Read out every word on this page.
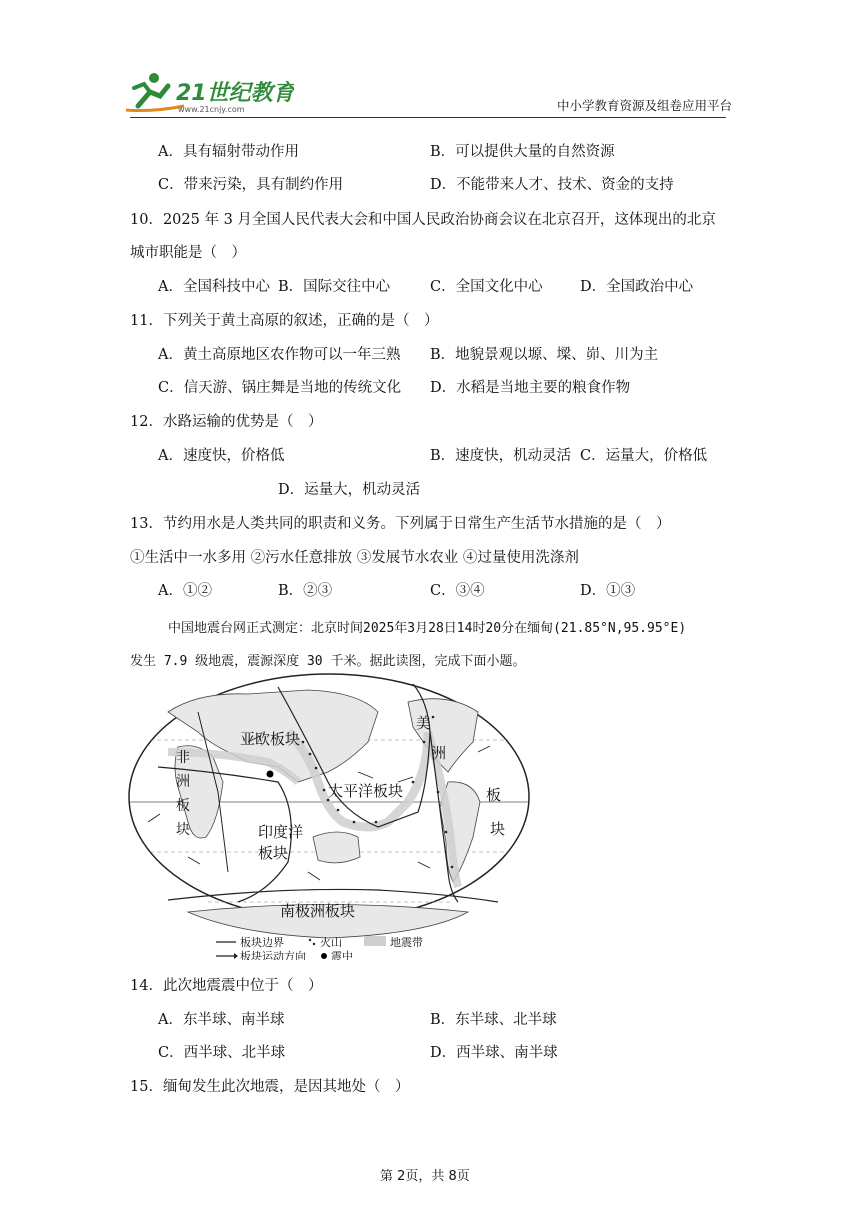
21世纪教育
www.21cnjy.com	中小学教育资源及组卷应用平台
A．具有辐射带动作用	B．可以提供大量的自然资源
C．带来污染，具有制约作用	D．不能带来人才、技术、资金的支持
10．2025 年 3 月全国人民代表大会和中国人民政治协商会议在北京召开，这体现出的北京
城市职能是（　）
A．全国科技中心 B．国际交往中心	C．全国文化中心	D．全国政治中心
11．下列关于黄土高原的叙述，正确的是（　）
A．黄土高原地区农作物可以一年三熟 B．地貌景观以塬、墚、峁、川为主
C．信天游、锅庄舞是当地的传统文化 D．水稻是当地主要的粮食作物
12．水路运输的优势是（　）
A．速度快，价格低	B．速度快，机动灵活 C．运量大，价格低
D．运量大，机动灵活
13．节约用水是人类共同的职责和义务。下列属于日常生产生活节水措施的是（　）
①生活中一水多用 ②污水任意排放 ③发展节水农业 ④过量使用洗涤剂
A．①②	B．②③	C．③④	D．①③
中国地震台网正式测定：北京时间2025年3月28日14时20分在缅甸(21.85°N,95.95°E)
发生 7.9 级地震，震源深度 30 千米。据此读图，完成下面小题。
亚欧板块
非
洲
板
块
太平洋板块
印度洋
板块
美
洲
板
块
南极洲板块
板块边界	火山	地震带
板块运动方向 震中
14．此次地震震中位于（　）
A．东半球、南半球	B．东半球、北半球
C．西半球、北半球	D．西半球、南半球
15．缅甸发生此次地震，是因其地处（　）
第 2页，共 8页
